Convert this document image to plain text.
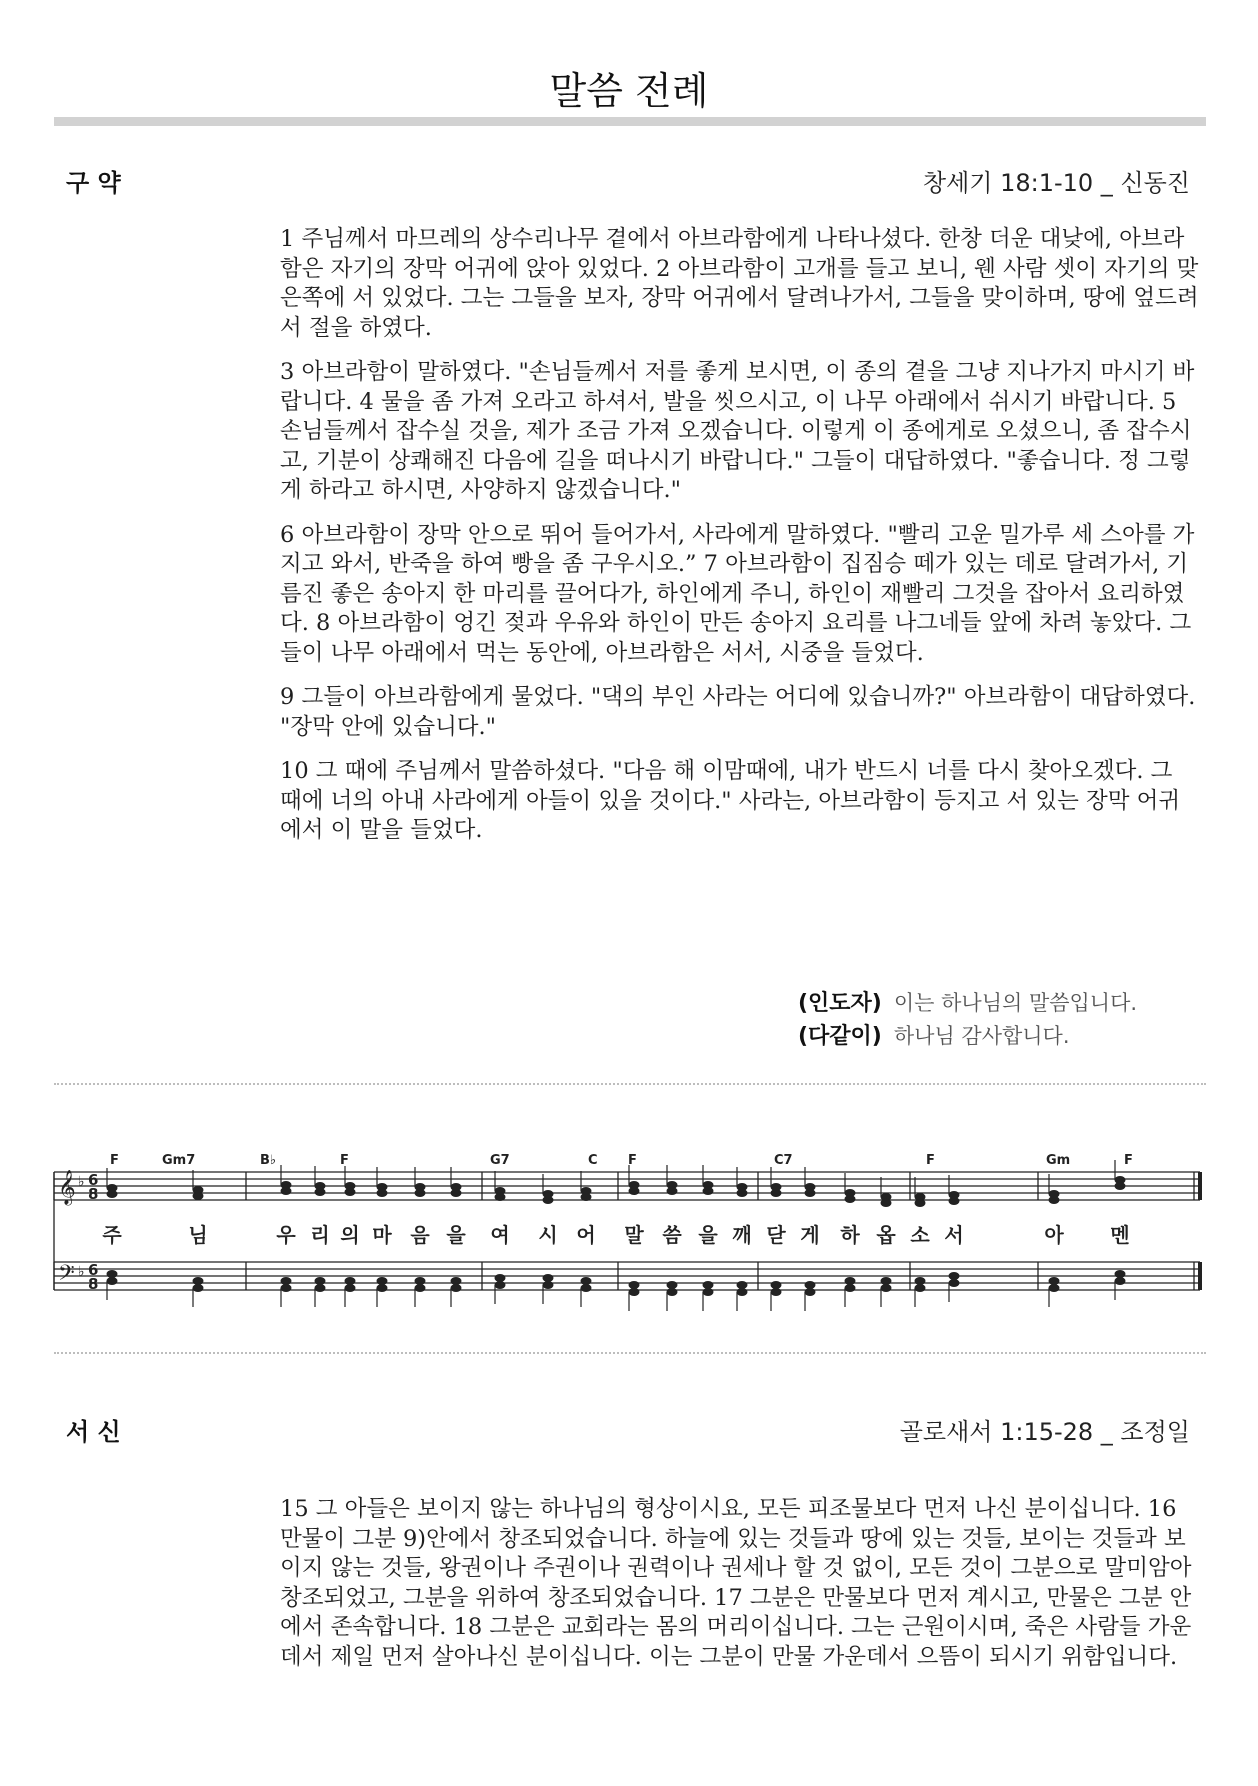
말씀 전례
구 약	창세기 18:1-10 _ 신동진

1 주님께서 마므레의 상수리나무 곁에서 아브라함에게 나타나셨다. 한창 더운 대낮에, 아브라함은 자기의 장막 어귀에 앉아 있었다. 2 아브라함이 고개를 들고 보니, 웬 사람 셋이 자기의 맞은쪽에 서 있었다. 그는 그들을 보자, 장막 어귀에서 달려나가서, 그들을 맞이하며, 땅에 엎드려서 절을 하였다.

3 아브라함이 말하였다. "손님들께서 저를 좋게 보시면, 이 종의 곁을 그냥 지나가지 마시기 바랍니다. 4 물을 좀 가져 오라고 하셔서, 발을 씻으시고, 이 나무 아래에서 쉬시기 바랍니다. 5 손님들께서 잡수실 것을, 제가 조금 가져 오겠습니다. 이렇게 이 종에게로 오셨으니, 좀 잡수시고, 기분이 상쾌해진 다음에 길을 떠나시기 바랍니다." 그들이 대답하였다. "좋습니다. 정 그렇게 하라고 하시면, 사양하지 않겠습니다."

6 아브라함이 장막 안으로 뛰어 들어가서, 사라에게 말하였다. "빨리 고운 밀가루 세 스아를 가지고 와서, 반죽을 하여 빵을 좀 구우시오.” 7 아브라함이 집짐승 떼가 있는 데로 달려가서, 기름진 좋은 송아지 한 마리를 끌어다가, 하인에게 주니, 하인이 재빨리 그것을 잡아서 요리하였다. 8 아브라함이 엉긴 젖과 우유와 하인이 만든 송아지 요리를 나그네들 앞에 차려 놓았다. 그들이 나무 아래에서 먹는 동안에, 아브라함은 서서, 시중을 들었다.

9 그들이 아브라함에게 물었다. "댁의 부인 사라는 어디에 있습니까?" 아브라함이 대답하였다. "장막 안에 있습니다."

10 그 때에 주님께서 말씀하셨다. "다음 해 이맘때에, 내가 반드시 너를 다시 찾아오겠다. 그 때에 너의 아내 사라에게 아들이 있을 것이다." 사라는, 아브라함이 등지고 서 있는 장막 어귀에서 이 말을 들었다.

(인도자) 이는 하나님의 말씀입니다.
(다같이) 하나님 감사합니다.
𝄞
𝄢
6
8
♭
6
8
♭
F	Gm7	B♭	F	G7	C F	C7	F	Gm	F
주	님	우 리 의 마 음 을 여 시 어 말 씀 을 깨 닫 게 하 옵 소 서	아 멘
서 신	골로새서 1:15-28 _ 조정일

15 그 아들은 보이지 않는 하나님의 형상이시요, 모든 피조물보다 먼저 나신 분이십니다. 16 만물이 그분 9)안에서 창조되었습니다. 하늘에 있는 것들과 땅에 있는 것들, 보이는 것들과 보이지 않는 것들, 왕권이나 주권이나 권력이나 권세나 할 것 없이, 모든 것이 그분으로 말미암아 창조되었고, 그분을 위하여 창조되었습니다. 17 그분은 만물보다 먼저 계시고, 만물은 그분 안에서 존속합니다. 18 그분은 교회라는 몸의 머리이십니다. 그는 근원이시며, 죽은 사람들 가운데서 제일 먼저 살아나신 분이십니다. 이는 그분이 만물 가운데서 으뜸이 되시기 위함입니다.
